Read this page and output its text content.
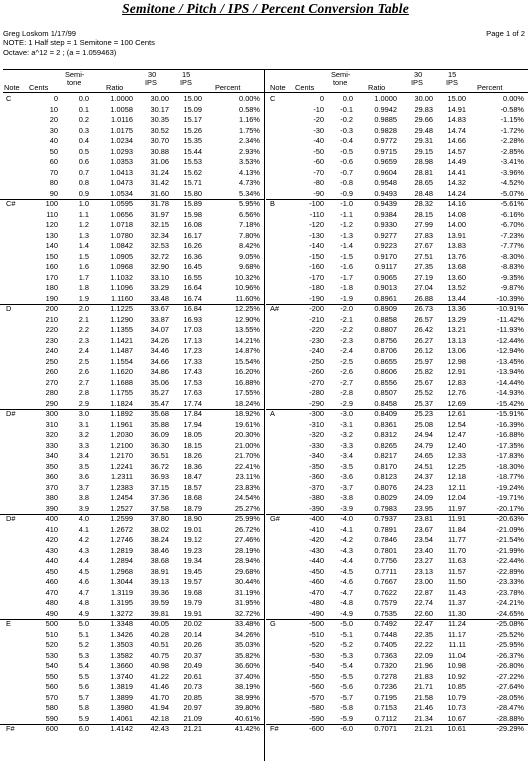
Semitone / Pitch / IPS / Percent Conversion Table
Greg Loskom 1/17/99
NOTE: 1 Half step = 1 Semitone = 100 Cents
Octave: a^12 = 2 ; (a = 1.059463)
Page 1 of 2
Semi-
tone
30
IPS
15
IPS
Note Cents	Ratio	Percent
Semi-
tone
30
IPS
15
IPS
Note Cents	Ratio	Percent
C	0	0.0	1.0000 30.00 15.00	0.00%
10	0.1	1.0058 30.17 15.09	0.58%
20	0.2	1.0116 30.35 15.17	1.16%
30	0.3	1.0175 30.52 15.26	1.75%
40	0.4	1.0234 30.70 15.35	2.34%
50	0.5	1.0293 30.88 15.44	2.93%
60	0.6	1.0353 31.06 15.53	3.53%
70	0.7	1.0413 31.24 15.62	4.13%
80	0.8	1.0473 31.42 15.71	4.73%
90	0.9	1.0534 31.60 15.80	5.34%
C#	100	1.0	1.0595 31.78 15.89	5.95%
110	1.1	1.0656 31.97 15.98	6.56%
120	1.2	1.0718 32.15 16.08	7.18%
130	1.3	1.0780 32.34 16.17	7.80%
140	1.4	1.0842 32.53 16.26	8.42%
150	1.5	1.0905 32.72 16.36	9.05%
160	1.6	1.0968 32.90 16.45	9.68%
170	1.7	1.1032 33.10 16.55	10.32%
180	1.8	1.1096 33.29 16.64	10.96%
190	1.9	1.1160 33.48 16.74	11.60%
D	200	2.0	1.1225 33.67 16.84	12.25%
210	2.1	1.1290 33.87 16.93	12.90%
220	2.2	1.1355 34.07 17.03	13.55%
230	2.3	1.1421 34.26 17.13	14.21%
240	2.4	1.1487 34.46 17.23	14.87%
250	2.5	1.1554 34.66 17.33	15.54%
260	2.6	1.1620 34.86 17.43	16.20%
270	2.7	1.1688 35.06 17.53	16.88%
280	2.8	1.1755 35.27 17.63	17.55%
290	2.9	1.1824 35.47 17.74	18.24%
D#	300	3.0	1.1892 35.68 17.84	18.92%
310	3.1	1.1961 35.88 17.94	19.61%
320	3.2	1.2030 36.09 18.05	20.30%
330	3.3	1.2100 36.30 18.15	21.00%
340	3.4	1.2170 36.51 18.26	21.70%
350	3.5	1.2241 36.72 18.36	22.41%
360	3.6	1.2311 36.93 18.47	23.11%
370	3.7	1.2383 37.15 18.57	23.83%
380	3.8	1.2454 37.36 18.68	24.54%
390	3.9	1.2527 37.58 18.79	25.27%
D#	400	4.0	1.2599 37.80 18.90	25.99%
410	4.1	1.2672 38.02 19.01	26.72%
420	4.2	1.2746 38.24 19.12	27.46%
430	4.3	1.2819 38.46 19.23	28.19%
440	4.4	1.2894 38.68 19.34	28.94%
450	4.5	1.2968 38.91 19.45	29.68%
460	4.6	1.3044 39.13 19.57	30.44%
470	4.7	1.3119 39.36 19.68	31.19%
480	4.8	1.3195 39.59 19.79	31.95%
490	4.9	1.3272 39.81 19.91	32.72%
E	500	5.0	1.3348 40.05 20.02	33.48%
510	5.1	1.3426 40.28 20.14	34.26%
520	5.2	1.3503 40.51 20.26	35.03%
530	5.3	1.3582 40.75 20.37	35.82%
540	5.4	1.3660 40.98 20.49	36.60%
550	5.5	1.3740 41.22 20.61	37.40%
560	5.6	1.3819 41.46 20.73	38.19%
570	5.7	1.3899 41.70 20.85	38.99%
580	5.8	1.3980 41.94 20.97	39.80%
590	5.9	1.4061 42.18 21.09	40.61%
F#	600	6.0	1.4142 42.43 21.21	41.42%
C	0	0.0	1.0000 30.00 15.00	0.00%
-10 -0.1	0.9942 29.83 14.91	-0.58%
-20 -0.2	0.9885 29.66 14.83	-1.15%
-30 -0.3	0.9828 29.48 14.74	-1.72%
-40 -0.4	0.9772 29.31 14.66	-2.28%
-50 -0.5	0.9715 29.15 14.57	-2.85%
-60 -0.6	0.9659 28.98 14.49	-3.41%
-70 -0.7	0.9604 28.81 14.41	-3.96%
-80 -0.8	0.9548 28.65 14.32	-4.52%
-90 -0.9	0.9493 28.48 14.24	-5.07%
B	-100 -1.0	0.9439 28.32 14.16	-5.61%
-110 -1.1	0.9384 28.15 14.08	-6.16%
-120 -1.2	0.9330 27.99 14.00	-6.70%
-130 -1.3	0.9277 27.83 13.91	-7.23%
-140 -1.4	0.9223 27.67 13.83	-7.77%
-150 -1.5	0.9170 27.51 13.76	-8.30%
-160 -1.6	0.9117 27.35 13.68	-8.83%
-170 -1.7	0.9065 27.19 13.60	-9.35%
-180 -1.8	0.9013 27.04 13.52	-9.87%
-190 -1.9	0.8961 26.88 13.44	-10.39%
A#	-200 -2.0	0.8909 26.73 13.36	-10.91%
-210 -2.1	0.8858 26.57 13.29	-11.42%
-220 -2.2	0.8807 26.42 13.21	-11.93%
-230 -2.3	0.8756 26.27 13.13	-12.44%
-240 -2.4	0.8706 26.12 13.06	-12.94%
-250 -2.5	0.8655 25.97 12.98	-13.45%
-260 -2.6	0.8606 25.82 12.91	-13.94%
-270 -2.7	0.8556 25.67 12.83	-14.44%
-280 -2.8	0.8507 25.52 12.76	-14.93%
-290 -2.9	0.8458 25.37 12.69	-15.42%
A	-300 -3.0	0.8409 25.23 12.61	-15.91%
-310 -3.1	0.8361 25.08 12.54	-16.39%
-320 -3.2	0.8312 24.94 12.47	-16.88%
-330 -3.3	0.8265 24.79 12.40	-17.35%
-340 -3.4	0.8217 24.65 12.33	-17.83%
-350 -3.5	0.8170 24.51 12.25	-18.30%
-360 -3.6	0.8123 24.37 12.18	-18.77%
-370 -3.7	0.8076 24.23 12.11	-19.24%
-380 -3.8	0.8029 24.09 12.04	-19.71%
-390 -3.9	0.7983 23.95 11.97	-20.17%
G#	-400 -4.0	0.7937 23.81 11.91	-20.63%
-410 -4.1	0.7891 23.67 11.84	-21.09%
-420 -4.2	0.7846 23.54 11.77	-21.54%
-430 -4.3	0.7801 23.40 11.70	-21.99%
-440 -4.4	0.7756 23.27 11.63	-22.44%
-450 -4.5	0.7711 23.13 11.57	-22.89%
-460 -4.6	0.7667 23.00 11.50	-23.33%
-470 -4.7	0.7622 22.87 11.43	-23.78%
-480 -4.8	0.7579 22.74 11.37	-24.21%
-490 -4.9	0.7535 22.60 11.30	-24.65%
G	-500 -5.0	0.7492 22.47 11.24	-25.08%
-510 -5.1	0.7448 22.35 11.17	-25.52%
-520 -5.2	0.7405 22.22 11.11	-25.95%
-530 -5.3	0.7363 22.09 11.04	-26.37%
-540 -5.4	0.7320 21.96 10.98	-26.80%
-550 -5.5	0.7278 21.83 10.92	-27.22%
-560 -5.6	0.7236 21.71 10.85	-27.64%
-570 -5.7	0.7195 21.58 10.79	-28.05%
-580 -5.8	0.7153 21.46 10.73	-28.47%
-590 -5.9	0.7112 21.34 10.67	-28.88%
F#	-600 -6.0	0.7071 21.21 10.61	-29.29%
